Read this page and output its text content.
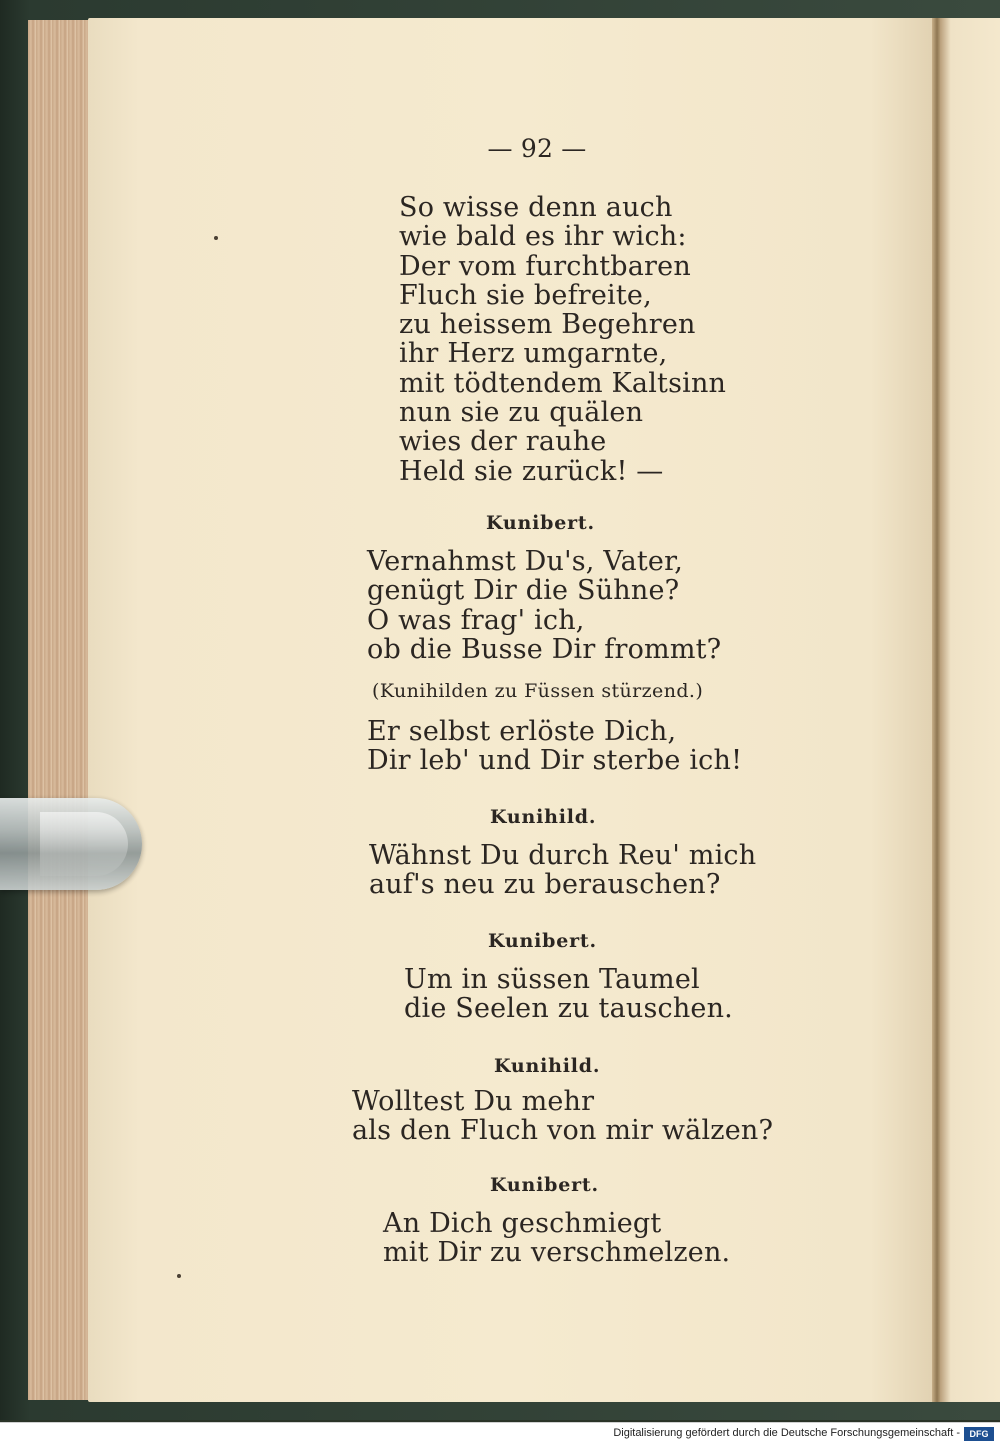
— 92 —
So wisse denn auch
wie bald es ihr wich:
Der vom furchtbaren
Fluch sie befreite,
zu heissem Begehren
ihr Herz umgarnte,
mit tödtendem Kaltsinn
nun sie zu quälen
wies der rauhe
Held sie zurück! —
Kunibert.
Vernahmst Du's, Vater,
genügt Dir die Sühne?
O was frag' ich,
ob die Busse Dir frommt?
(Kunihilden zu Füssen stürzend.)
Er selbst erlöste Dich,
Dir leb' und Dir sterbe ich!
Kunihild.
Wähnst Du durch Reu' mich
auf's neu zu berauschen?
Kunibert.
Um in süssen Taumel
die Seelen zu tauschen.
Kunihild.
Wolltest Du mehr
als den Fluch von mir wälzen?
Kunibert.
An Dich geschmiegt
mit Dir zu verschmelzen.
Digitalisierung gefördert durch die Deutsche Forschungsgemeinschaft -	DFG
